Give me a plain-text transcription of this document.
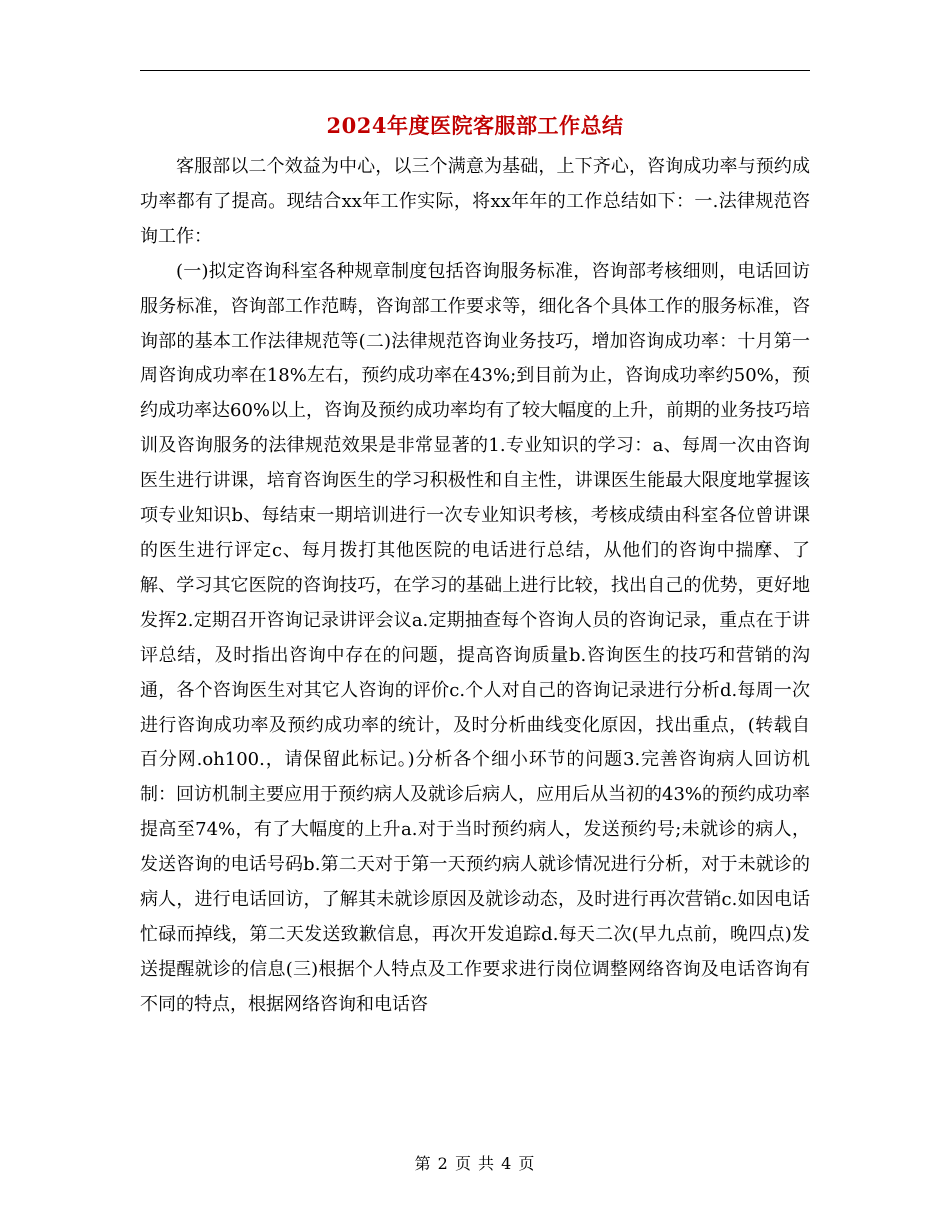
2024年度医院客服部工作总结

客服部以二个效益为中心，以三个满意为基础，上下齐心，咨询成功率与预约成功率都有了提高。现结合xx年工作实际，将xx年年的工作总结如下：一.法律规范咨询工作：

(一)拟定咨询科室各种规章制度包括咨询服务标准，咨询部考核细则，电话回访服务标准，咨询部工作范畴，咨询部工作要求等，细化各个具体工作的服务标准，咨询部的基本工作法律规范等(二)法律规范咨询业务技巧，增加咨询成功率：十月第一周咨询成功率在18%左右，预约成功率在43%;到目前为止，咨询成功率约50%，预约成功率达60%以上，咨询及预约成功率均有了较大幅度的上升，前期的业务技巧培训及咨询服务的法律规范效果是非常显著的1.专业知识的学习：a、每周一次由咨询医生进行讲课，培育咨询医生的学习积极性和自主性，讲课医生能最大限度地掌握该项专业知识b、每结束一期培训进行一次专业知识考核，考核成绩由科室各位曾讲课的医生进行评定c、每月拨打其他医院的电话进行总结，从他们的咨询中揣摩、了解、学习其它医院的咨询技巧，在学习的基础上进行比较，找出自己的优势，更好地发挥2.定期召开咨询记录讲评会议a.定期抽查每个咨询人员的咨询记录，重点在于讲评总结，及时指出咨询中存在的问题，提高咨询质量b.咨询医生的技巧和营销的沟通，各个咨询医生对其它人咨询的评价c.个人对自己的咨询记录进行分析d.每周一次进行咨询成功率及预约成功率的统计，及时分析曲线变化原因，找出重点，(转载自百分网.oh100.，请保留此标记。)分析各个细小环节的问题3.完善咨询病人回访机制：回访机制主要应用于预约病人及就诊后病人，应用后从当初的43%的预约成功率提高至74%，有了大幅度的上升a.对于当时预约病人，发送预约号;未就诊的病人，发送咨询的电话号码b.第二天对于第一天预约病人就诊情况进行分析，对于未就诊的病人，进行电话回访，了解其未就诊原因及就诊动态，及时进行再次营销c.如因电话忙碌而掉线，第二天发送致歉信息，再次开发追踪d.每天二次(早九点前，晚四点)发送提醒就诊的信息(三)根据个人特点及工作要求进行岗位调整网络咨询及电话咨询有不同的特点，根据网络咨询和电话咨

第 2 页 共 4 页
